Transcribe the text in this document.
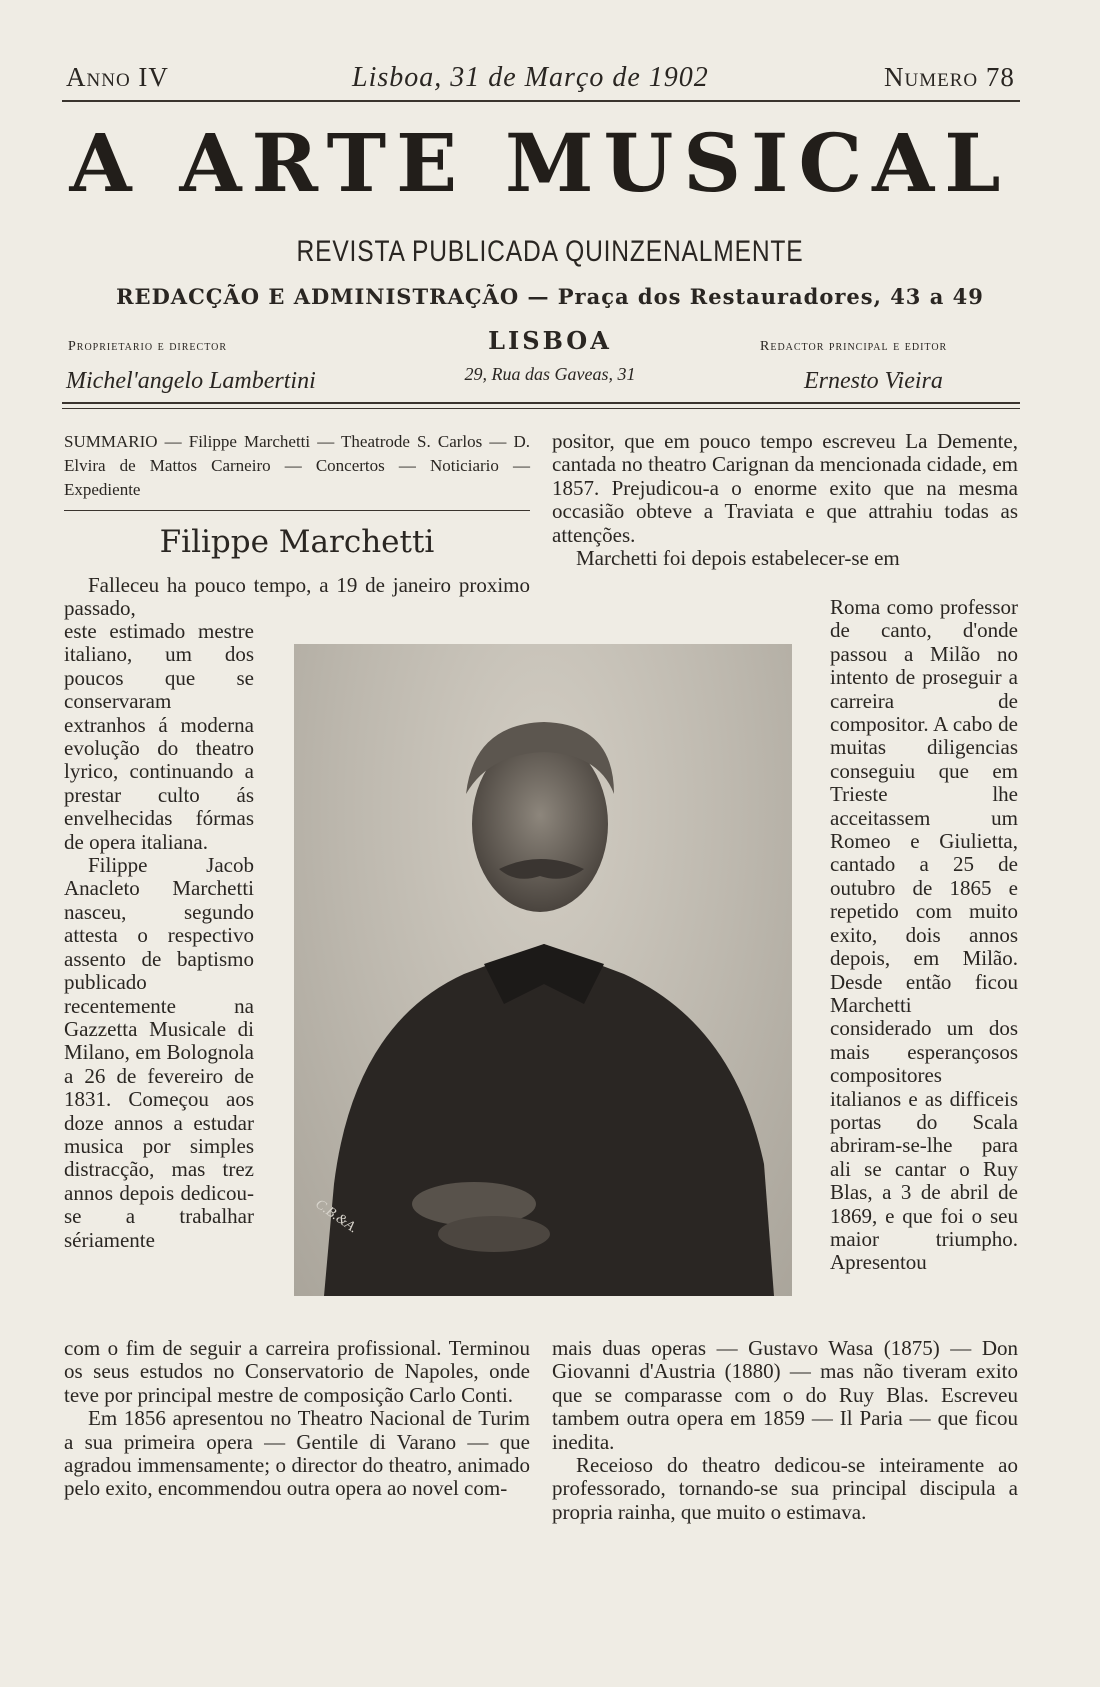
Anno IV	Lisboa, 31 de Março de 1902	Numero 78
A ARTE MUSICAL
REVISTA PUBLICADA QUINZENALMENTE
REDACÇÃO E ADMINISTRAÇÃO — Praça dos Restauradores, 43 a 49
Proprietario e director	LISBOA	Redactor principal e editor
Michel'angelo Lambertini	29, Rua das Gaveas, 31	Ernesto Vieira
SUMMARIO — Filippe Marchetti — Theatrode S. Carlos — D. Elvira de Mattos Carneiro — Concertos — Noticiario — Expediente
Filippe Marchetti

Falleceu ha pouco tempo, a 19 de janeiro proximo passado,

este estimado mestre italiano, um dos poucos que se conservaram extranhos á moderna evolução do theatro lyrico, continuando a prestar culto ás envelhecidas fórmas de opera italiana.

Filippe Jacob Anacleto Marchetti nasceu, segundo attesta o respectivo assento de baptismo publicado recentemente na Gazzetta Musicale di Milano, em Bolognola a 26 de fevereiro de 1831. Começou aos doze annos a estudar musica por simples distracção, mas trez annos depois dedicou-se a trabalhar sériamente

com o fim de seguir a carreira profissional. Terminou os seus estudos no Conservatorio de Napoles, onde teve por principal mestre de composição Carlo Conti.

Em 1856 apresentou no Theatro Nacional de Turim a sua primeira opera — Gentile di Varano — que agradou immensamente; o director do theatro, animado pelo exito, encommendou outra opera ao novel com-

C.B.&A.

positor, que em pouco tempo escreveu La Demente, cantada no theatro Carignan da mencionada cidade, em 1857. Prejudicou-a o enorme exito que na mesma occasião obteve a Traviata e que attrahiu todas as attenções.

Marchetti foi depois estabelecer-se em

Roma como professor de canto, d'onde passou a Milão no intento de proseguir a carreira de compositor. A cabo de muitas diligencias conseguiu que em Trieste lhe acceitassem um Romeo e Giulietta, cantado a 25 de outubro de 1865 e repetido com muito exito, dois annos depois, em Milão. Desde então ficou Marchetti considerado um dos mais esperançosos compositores italianos e as difficeis portas do Scala abriram-se-lhe para ali se cantar o Ruy Blas, a 3 de abril de 1869, e que foi o seu maior triumpho. Apresentou

mais duas operas — Gustavo Wasa (1875) — Don Giovanni d'Austria (1880) — mas não tiveram exito que se comparasse com o do Ruy Blas. Escreveu tambem outra opera em 1859 — Il Paria — que ficou inedita.

Receioso do theatro dedicou-se inteiramente ao professorado, tornando-se sua principal discipula a propria rainha, que muito o estimava.
